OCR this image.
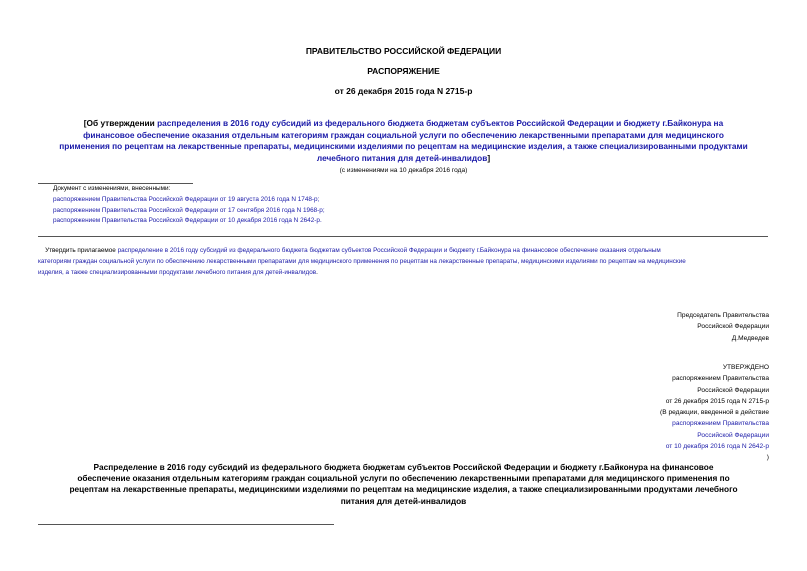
ПРАВИТЕЛЬСТВО РОССИЙСКОЙ ФЕДЕРАЦИИ
РАСПОРЯЖЕНИЕ
от 26 декабря 2015 года N 2715-р
[Об утверждении распределения в 2016 году субсидий из федерального бюджета бюджетам субъектов Российской Федерации и бюджету г.Байконура на
финансовое обеспечение оказания отдельным категориям граждан социальной услуги по обеспечению лекарственными препаратами для медицинского
применения по рецептам на лекарственные препараты, медицинскими изделиями по рецептам на медицинские изделия, а также специализированными продуктами
лечебного питания для детей-инвалидов]
(с изменениями на 10 декабря 2016 года)
Документ с изменениями, внесенными:
распоряжением Правительства Российской Федерации от 19 августа 2016 года N 1748-р;
распоряжением Правительства Российской Федерации от 17 сентября 2016 года N 1968-р;
распоряжением Правительства Российской Федерации от 10 декабря 2016 года N 2642-р.
Утвердить прилагаемое распределение в 2016 году субсидий из федерального бюджета бюджетам субъектов Российской Федерации и бюджету г.Байконура на финансовое обеспечение оказания отдельным
категориям граждан социальной услуги по обеспечению лекарственными препаратами для медицинского применения по рецептам на лекарственные препараты, медицинскими изделиями по рецептам на медицинские
изделия, а также специализированными продуктами лечебного питания для детей-инвалидов.
Председатель Правительства
Российской Федерации
Д.Медведев
УТВЕРЖДЕНО
распоряжением Правительства
Российской Федерации
от 26 декабря 2015 года N 2715-р
(В редакции, введенной в действие
распоряжением Правительства
Российской Федерации
от 10 декабря 2016 года N 2642-р
)
Распределение в 2016 году субсидий из федерального бюджета бюджетам субъектов Российской Федерации и бюджету г.Байконура на финансовое
обеспечение оказания отдельным категориям граждан социальной услуги по обеспечению лекарственными препаратами для медицинского применения по
рецептам на лекарственные препараты, медицинскими изделиями по рецептам на медицинские изделия, а также специализированными продуктами лечебного
питания для детей-инвалидов
